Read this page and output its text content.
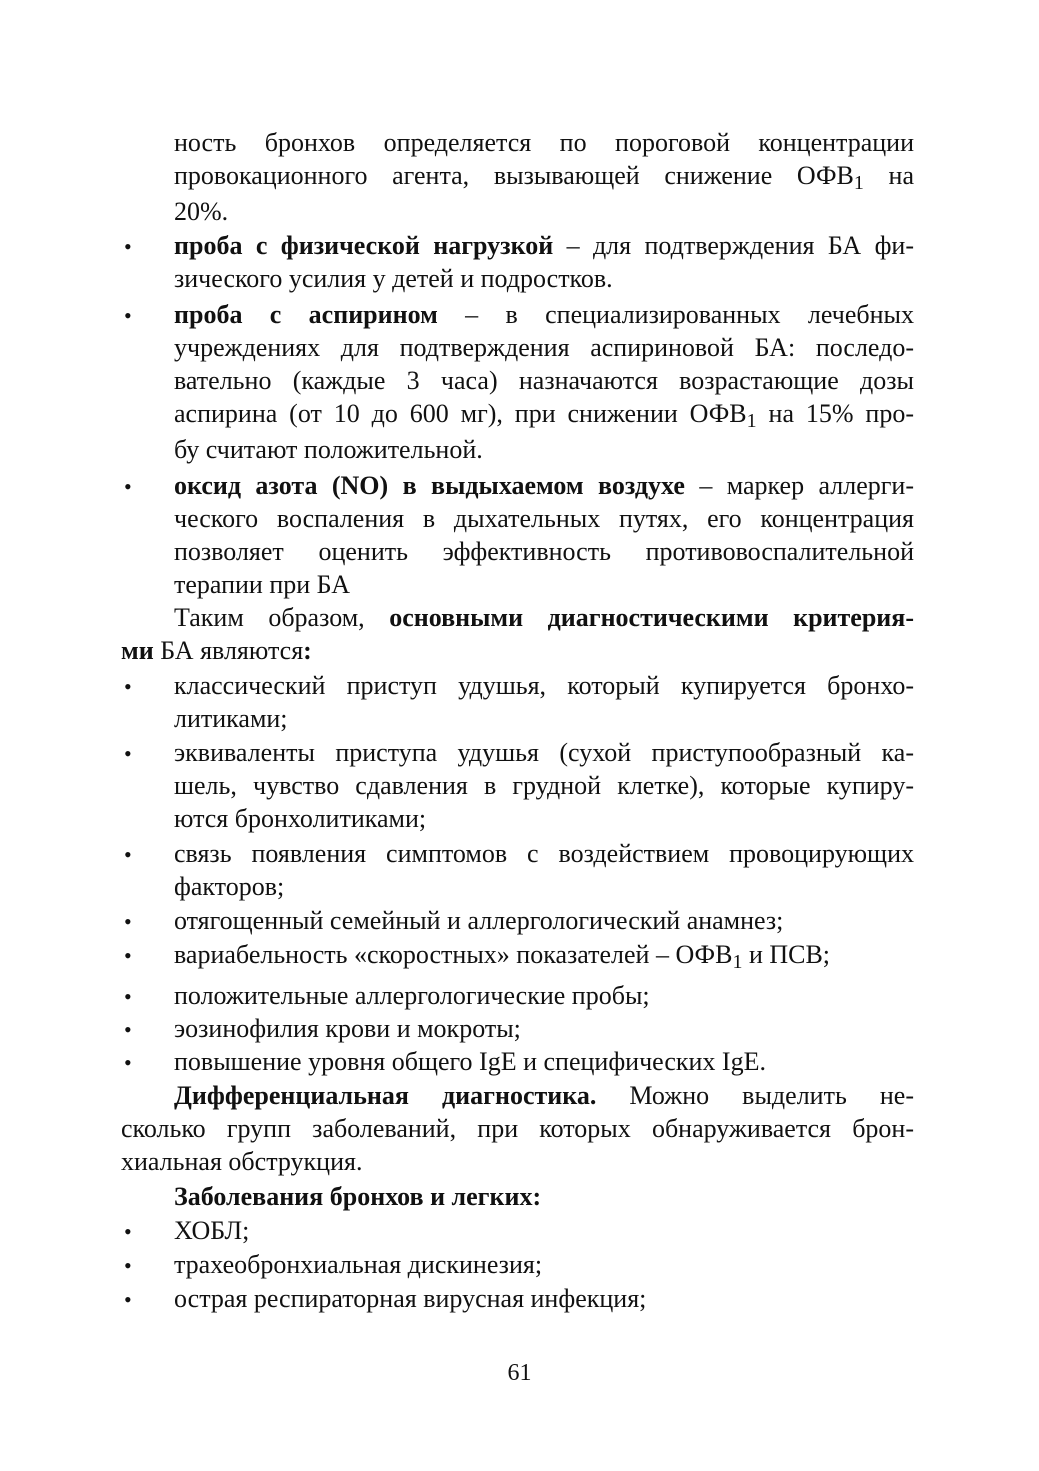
ность бронхов определяется по пороговой концентрации
провокационного агента, вызывающей снижение ОФВ1 на
20%.
• проба с физической нагрузкой – для подтверждения БА фи-
зического усилия у детей и подростков.
• проба с аспирином – в специализированных лечебных
учреждениях для подтверждения аспириновой БА: последо-
вательно (каждые 3 часа) назначаются возрастающие дозы
аспирина (от 10 до 600 мг), при снижении ОФВ1 на 15% про-
бу считают положительной.
• оксид азота (NO) в выдыхаемом воздухе – маркер аллерги-
ческого воспаления в дыхательных путях, его концентрация
позволяет оценить эффективность противовоспалительной
терапии при БА
Таким образом, основными диагностическими критерия-
ми БА являются:
• классический приступ удушья, который купируется бронхо-
литиками;
• эквиваленты приступа удушья (сухой приступообразный ка-
шель, чувство сдавления в грудной клетке), которые купиру-
ются бронхолитиками;
• связь появления симптомов с воздействием провоцирующих
факторов;
• отягощенный семейный и аллергологический анамнез;
• вариабельность «скоростных» показателей – ОФВ1 и ПСВ;
• положительные аллергологические пробы;
• эозинофилия крови и мокроты;
• повышение уровня общего IgE и специфических IgE.
Дифференциальная диагностика. Можно выделить не-
сколько групп заболеваний, при которых обнаруживается брон-
хиальная обструкция.
Заболевания бронхов и легких:
• ХОБЛ;
• трахеобронхиальная дискинезия;
• острая респираторная вирусная инфекция;
61
